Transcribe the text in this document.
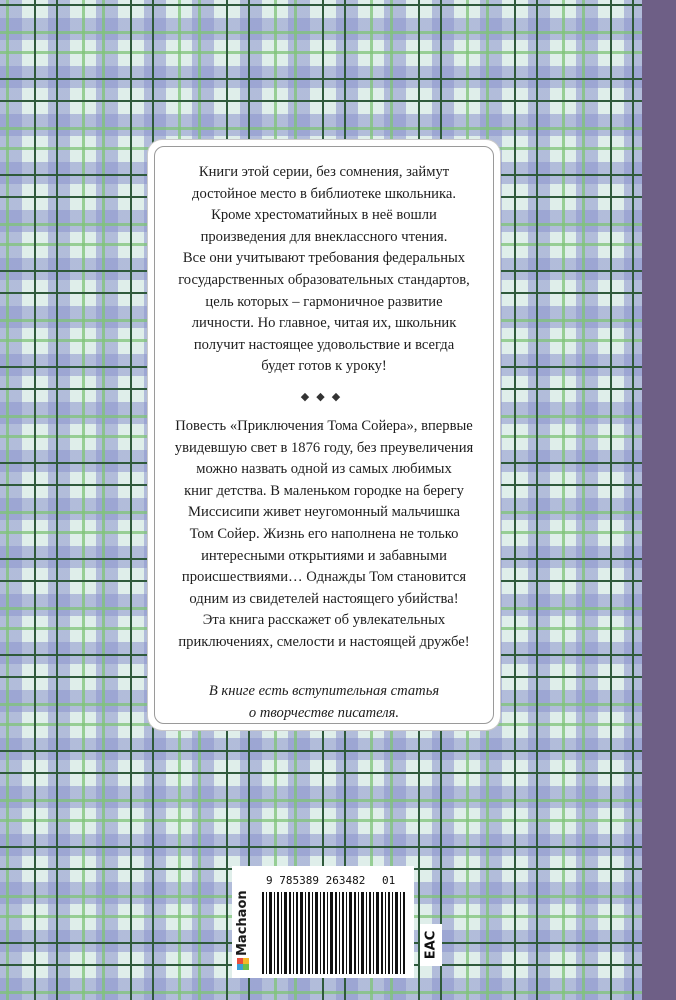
Книги этой серии, без сомнения, займут
достойное место в библиотеке школьника.
Кроме хрестоматийных в неё вошли
произведения для внеклассного чтения.
Все они учитывают требования федеральных
государственных образовательных стандартов,
цель которых – гармоничное развитие
личности. Но главное, читая их, школьник
получит настоящее удовольствие и всегда
будет готов к уроку!

◆◆◆

Повесть «Приключения Тома Сойера», впервые
увидевшую свет в 1876 году, без преувеличения
можно назвать одной из самых любимых
книг детства. В маленьком городке на берегу
Миссисипи живет неугомонный мальчишка
Том Сойер. Жизнь его наполнена не только
интересными открытиями и забавными
происшествиями… Однажды Том становится
одним из свидетелей настоящего убийства!
Эта книга расскажет об увлекательных
приключениях, смелости и настоящей дружбе!

В книге есть вступительная статья
о творчестве писателя.

9 785389 263482 01
Machaon	EAC
